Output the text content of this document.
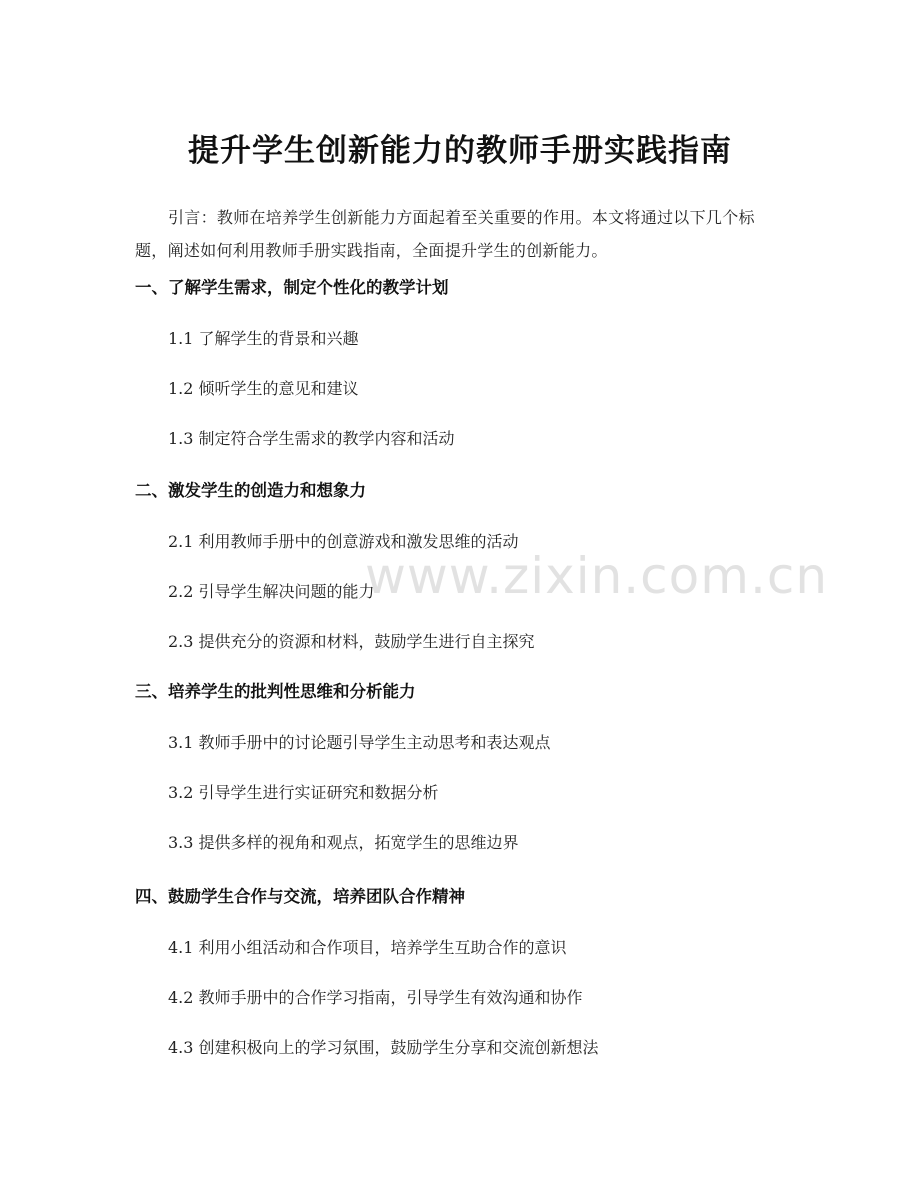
提升学生创新能力的教师手册实践指南

引言：教师在培养学生创新能力方面起着至关重要的作用。本文将通过以下几个标题，阐述如何利用教师手册实践指南，全面提升学生的创新能力。

一、了解学生需求，制定个性化的教学计划
1.1 了解学生的背景和兴趣
1.2 倾听学生的意见和建议
1.3 制定符合学生需求的教学内容和活动
二、激发学生的创造力和想象力
2.1 利用教师手册中的创意游戏和激发思维的活动
2.2 引导学生解决问题的能力
2.3 提供充分的资源和材料，鼓励学生进行自主探究
三、培养学生的批判性思维和分析能力
3.1 教师手册中的讨论题引导学生主动思考和表达观点
3.2 引导学生进行实证研究和数据分析
3.3 提供多样的视角和观点，拓宽学生的思维边界
四、鼓励学生合作与交流，培养团队合作精神
4.1 利用小组活动和合作项目，培养学生互助合作的意识
4.2 教师手册中的合作学习指南，引导学生有效沟通和协作
4.3 创建积极向上的学习氛围，鼓励学生分享和交流创新想法
www.zixin.com.cn
